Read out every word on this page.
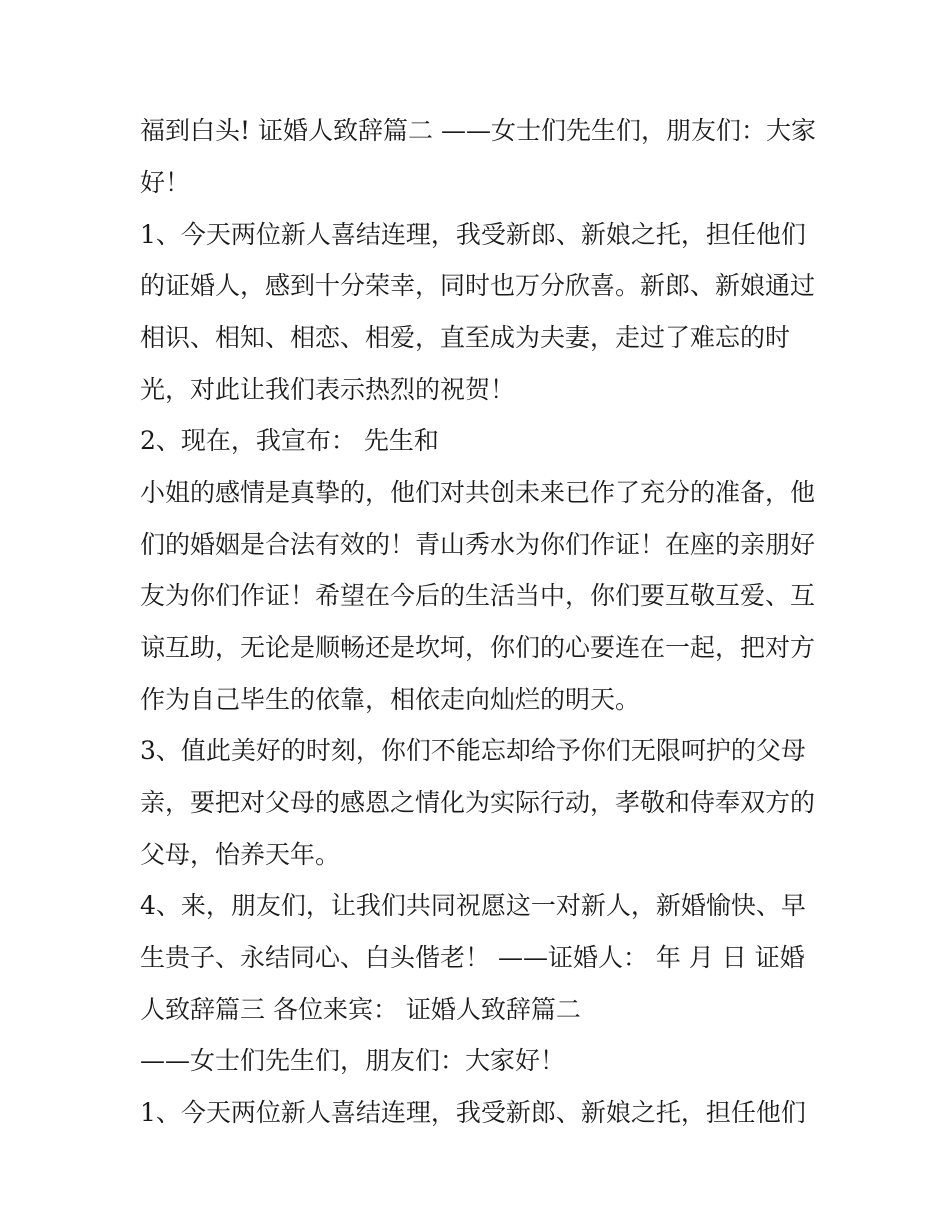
福到白头! 证婚人致辞篇二 ——女士们先生们，朋友们：大家
好！
1、今天两位新人喜结连理，我受新郎、新娘之托，担任他们
的证婚人，感到十分荣幸，同时也万分欣喜。新郎、新娘通过
相识、相知、相恋、相爱，直至成为夫妻，走过了难忘的时
光，对此让我们表示热烈的祝贺！
2、现在，我宣布： 先生和
小姐的感情是真挚的，他们对共创未来已作了充分的准备，他
们的婚姻是合法有效的！青山秀水为你们作证！在座的亲朋好
友为你们作证！希望在今后的生活当中，你们要互敬互爱、互
谅互助，无论是顺畅还是坎坷，你们的心要连在一起，把对方
作为自己毕生的依靠，相依走向灿烂的明天。
3、值此美好的时刻，你们不能忘却给予你们无限呵护的父母
亲，要把对父母的感恩之情化为实际行动，孝敬和侍奉双方的
父母，怡养天年。
4、来，朋友们，让我们共同祝愿这一对新人，新婚愉快、早
生贵子、永结同心、白头偕老！ ——证婚人： 年 月 日 证婚
人致辞篇三 各位来宾： 证婚人致辞篇二
——女士们先生们，朋友们：大家好！
1、今天两位新人喜结连理，我受新郎、新娘之托，担任他们
